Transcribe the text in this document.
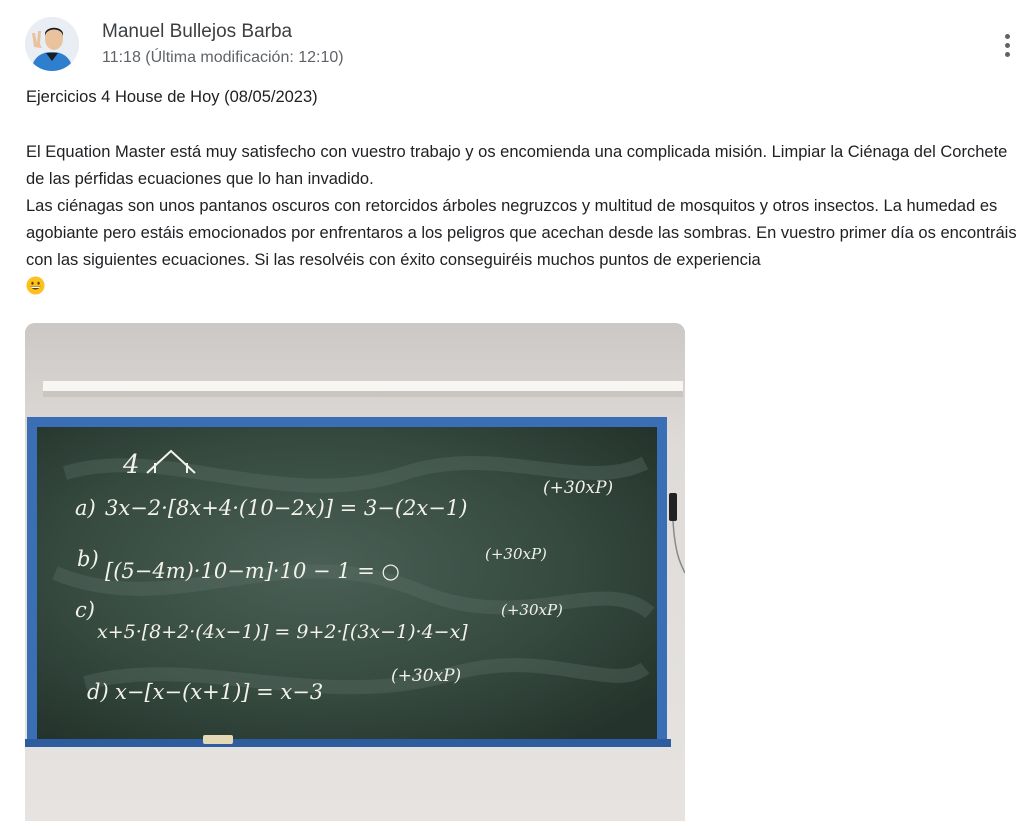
Manuel Bullejos Barba
11:18 (Última modificación: 12:10)
Ejercicios 4 House de Hoy (08/05/2023)

El Equation Master está muy satisfecho con vuestro trabajo y os encomienda una complicada misión. Limpiar la Ciénaga del Corchete de las pérfidas ecuaciones que lo han invadido.

Las ciénagas son unos pantanos oscuros con retorcidos árboles negruzcos y multitud de mosquitos y otros insectos. La humedad es agobiante pero estáis emocionados por enfrentaros a los peligros que acechan desde las sombras. En vuestro primer día os encontráis con las siguientes ecuaciones. Si las resolvéis con éxito conseguiréis muchos puntos de experiencia

4
a) 3x−2·[8x+4·(10−2x)] = 3−(2x−1)
(+30xP)
b) [(5−4m)·10−m]·10 − 1 = ○
(+30xP)
c)
x+5·[8+2·(4x−1)] = 9+2·[(3x−1)·4−x]
(+30xP)
d) x−[x−(x+1)] = x−3
(+30xP)
